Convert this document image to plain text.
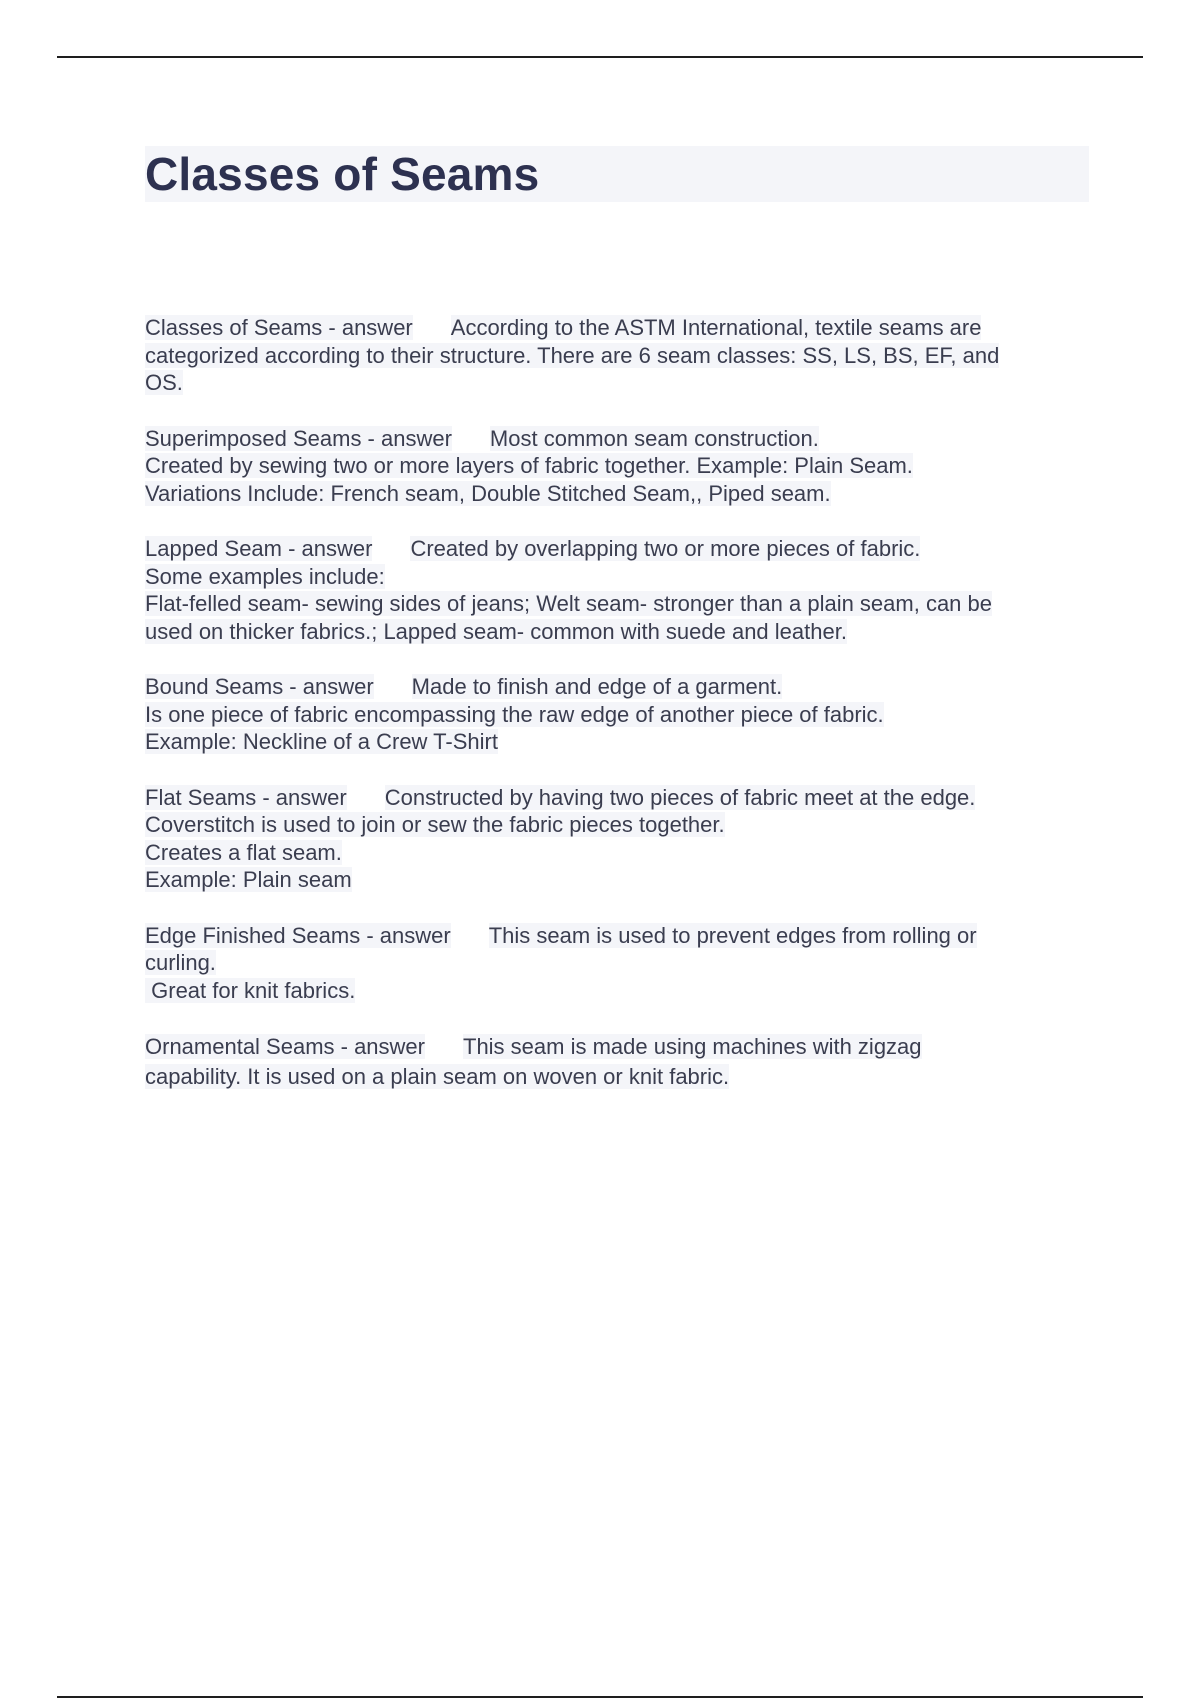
Classes of Seams

Classes of Seams - answer According to the ASTM International, textile seams are
categorized according to their structure. There are 6 seam classes: SS, LS, BS, EF, and
OS.

Superimposed Seams - answer Most common seam construction.
Created by sewing two or more layers of fabric together. Example: Plain Seam.
Variations Include: French seam, Double Stitched Seam,, Piped seam.

Lapped Seam - answer Created by overlapping two or more pieces of fabric.
Some examples include:
Flat-felled seam- sewing sides of jeans; Welt seam- stronger than a plain seam, can be
used on thicker fabrics.; Lapped seam- common with suede and leather.

Bound Seams - answer Made to finish and edge of a garment.
Is one piece of fabric encompassing the raw edge of another piece of fabric.
Example: Neckline of a Crew T-Shirt

Flat Seams - answer Constructed by having two pieces of fabric meet at the edge.
Coverstitch is used to join or sew the fabric pieces together.
Creates a flat seam.
Example: Plain seam

Edge Finished Seams - answer This seam is used to prevent edges from rolling or
curling.
Great for knit fabrics.

Ornamental Seams - answer This seam is made using machines with zigzag
capability. It is used on a plain seam on woven or knit fabric.
